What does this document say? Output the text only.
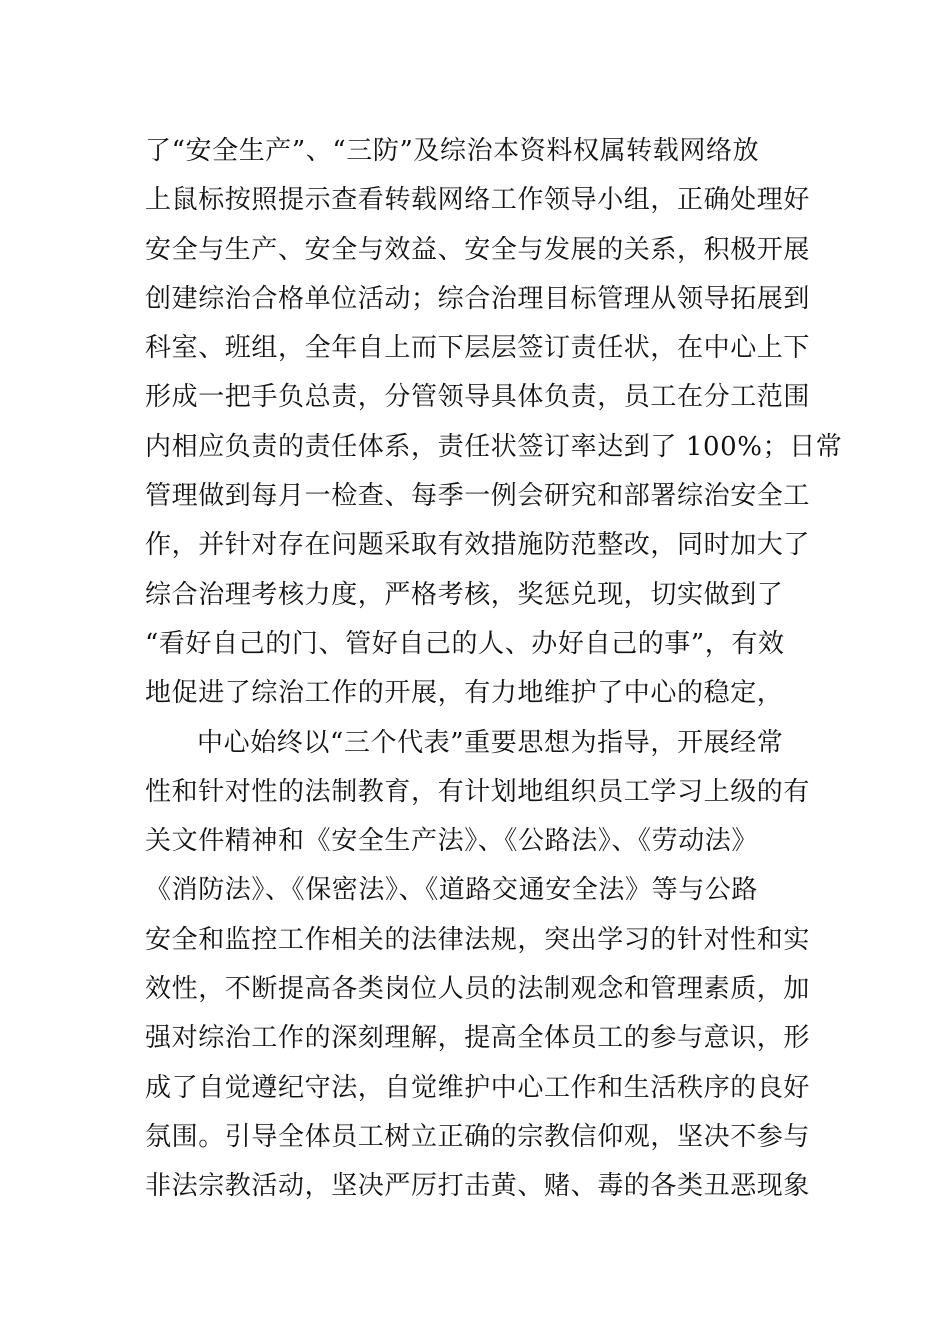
了“安全生产”、“三防”及综治本资料权属转载网络放
上鼠标按照提示查看转载网络工作领导小组，正确处理好
安全与生产、安全与效益、安全与发展的关系，积极开展
创建综治合格单位活动；综合治理目标管理从领导拓展到
科室、班组，全年自上而下层层签订责任状，在中心上下
形成一把手负总责，分管领导具体负责，员工在分工范围
内相应负责的责任体系，责任状签订率达到了 100%；日常
管理做到每月一检查、每季一例会研究和部署综治安全工
作，并针对存在问题采取有效措施防范整改，同时加大了
综合治理考核力度，严格考核，奖惩兑现，切实做到了
“看好自己的门、管好自己的人、办好自己的事”，有效
地促进了综治工作的开展，有力地维护了中心的稳定，
中心始终以“三个代表”重要思想为指导，开展经常
性和针对性的法制教育，有计划地组织员工学习上级的有
关文件精神和《安全生产法》、《公路法》、《劳动法》
《消防法》、《保密法》、《道路交通安全法》等与公路
安全和监控工作相关的法律法规，突出学习的针对性和实
效性，不断提高各类岗位人员的法制观念和管理素质，加
强对综治工作的深刻理解，提高全体员工的参与意识，形
成了自觉遵纪守法，自觉维护中心工作和生活秩序的良好
氛围。引导全体员工树立正确的宗教信仰观，坚决不参与
非法宗教活动，坚决严厉打击黄、赌、毒的各类丑恶现象
